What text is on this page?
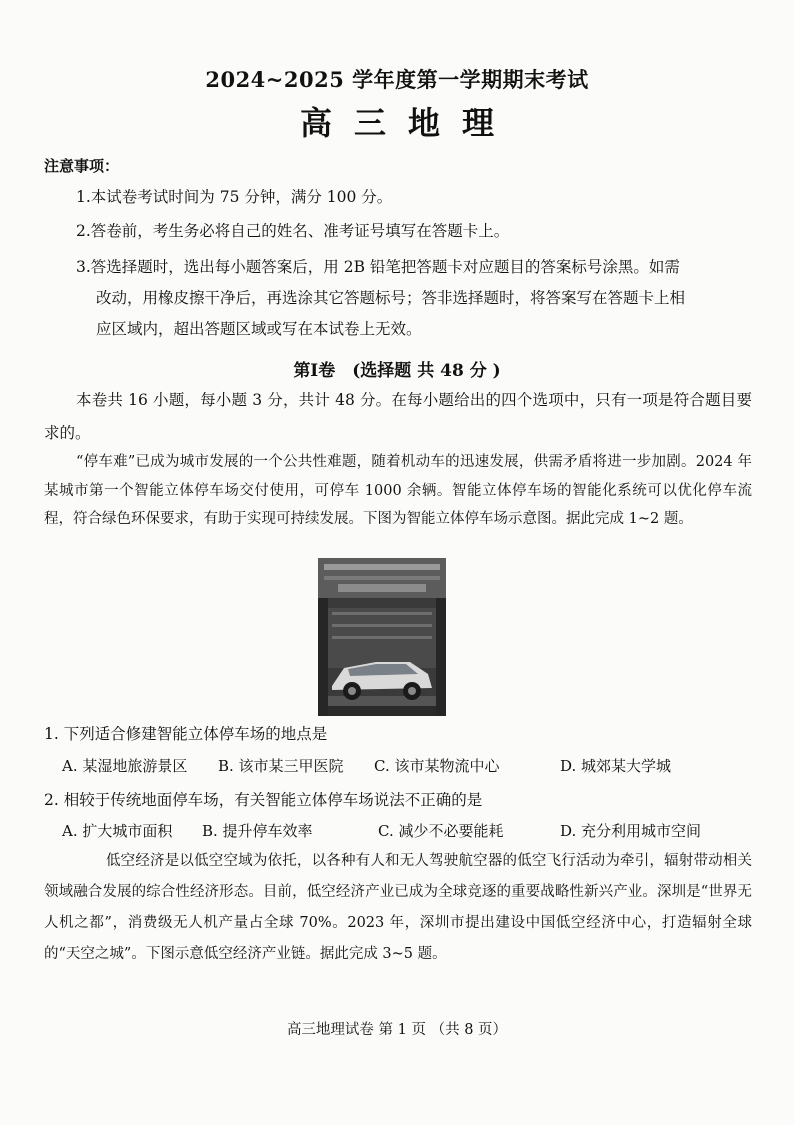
2024~2025 学年度第一学期期末考试
高三地理
注意事项：
1.本试卷考试时间为 75 分钟，满分 100 分。
2.答卷前，考生务必将自己的姓名、准考证号填写在答题卡上。
3.答选择题时，选出每小题答案后，用 2B 铅笔把答题卡对应题目的答案标号涂黑。如需
改动，用橡皮擦干净后，再选涂其它答题标号；答非选择题时，将答案写在答题卡上相
应区域内，超出答题区域或写在本试卷上无效。
第Ⅰ卷　(选择题 共 48 分 )
本卷共 16 小题，每小题 3 分，共计 48 分。在每小题给出的四个选项中，只有一项是符合题目要求的。
“停车难”已成为城市发展的一个公共性难题，随着机动车的迅速发展，供需矛盾将进一步加剧。2024 年某城市第一个智能立体停车场交付使用，可停车 1000 余辆。智能立体停车场的智能化系统可以优化停车流程，符合绿色环保要求，有助于实现可持续发展。下图为智能立体停车场示意图。据此完成 1~2 题。
1. 下列适合修建智能立体停车场的地点是
A. 某湿地旅游景区	B. 该市某三甲医院	C. 该市某物流中心	D. 城郊某大学城
2. 相较于传统地面停车场，有关智能立体停车场说法不正确的是
A. 扩大城市面积	B. 提升停车效率	C. 减少不必要能耗	D. 充分利用城市空间
低空经济是以低空空域为依托，以各种有人和无人驾驶航空器的低空飞行活动为牵引，辐射带动相关领域融合发展的综合性经济形态。目前，低空经济产业已成为全球竞逐的重要战略性新兴产业。深圳是“世界无人机之都”，消费级无人机产量占全球 70%。2023 年，深圳市提出建设中国低空经济中心，打造辐射全球的“天空之城”。下图示意低空经济产业链。据此完成 3~5 题。
高三地理试卷 第 1 页 （共 8 页）
